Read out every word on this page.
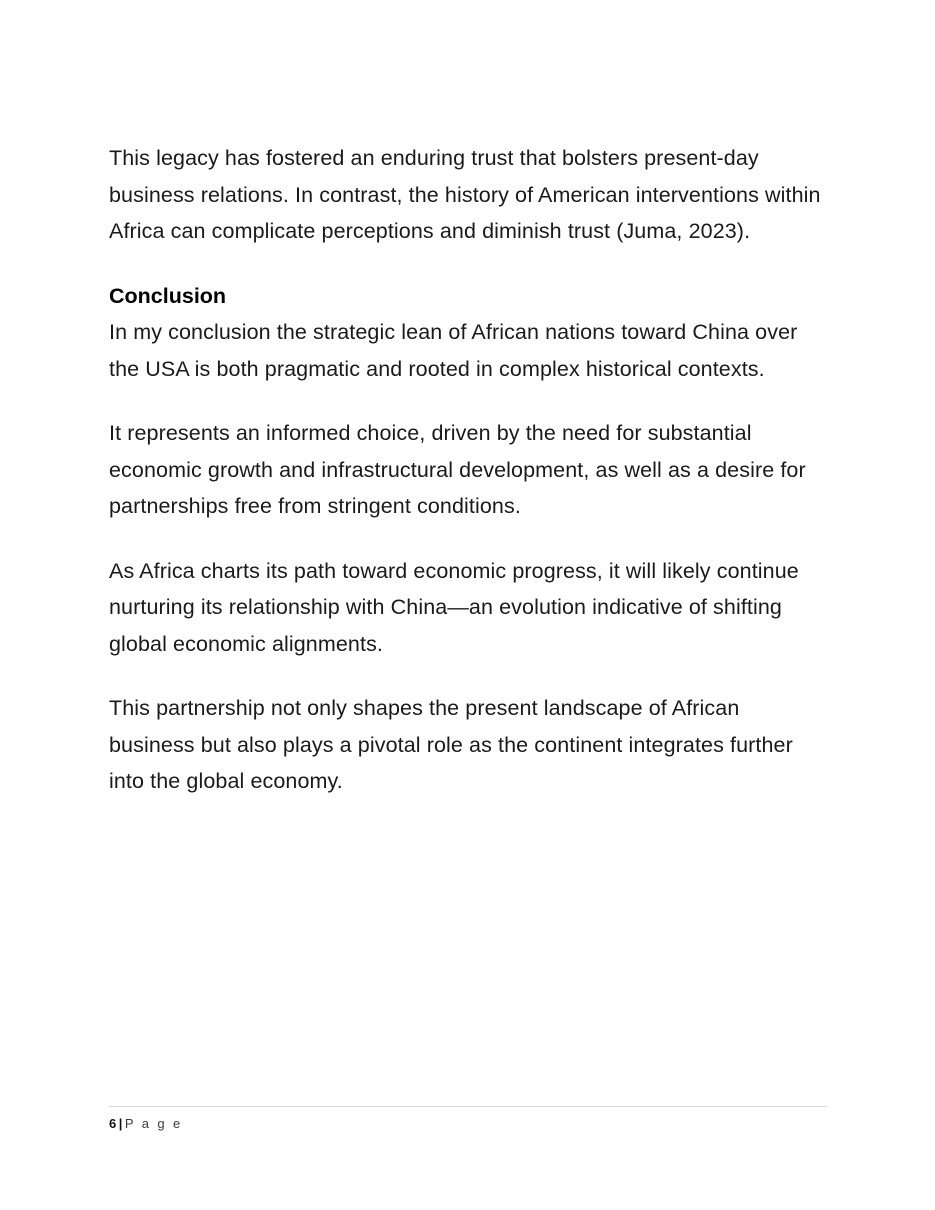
This legacy has fostered an enduring trust that bolsters present-day business relations. In contrast, the history of American interventions within Africa can complicate perceptions and diminish trust (Juma, 2023).

Conclusion

In my conclusion the strategic lean of African nations toward China over the USA is both pragmatic and rooted in complex historical contexts.

It represents an informed choice, driven by the need for substantial economic growth and infrastructural development, as well as a desire for partnerships free from stringent conditions.

As Africa charts its path toward economic progress, it will likely continue nurturing its relationship with China—an evolution indicative of shifting global economic alignments.

This partnership not only shapes the present landscape of African business but also plays a pivotal role as the continent integrates further into the global economy.

6 | P a g e
